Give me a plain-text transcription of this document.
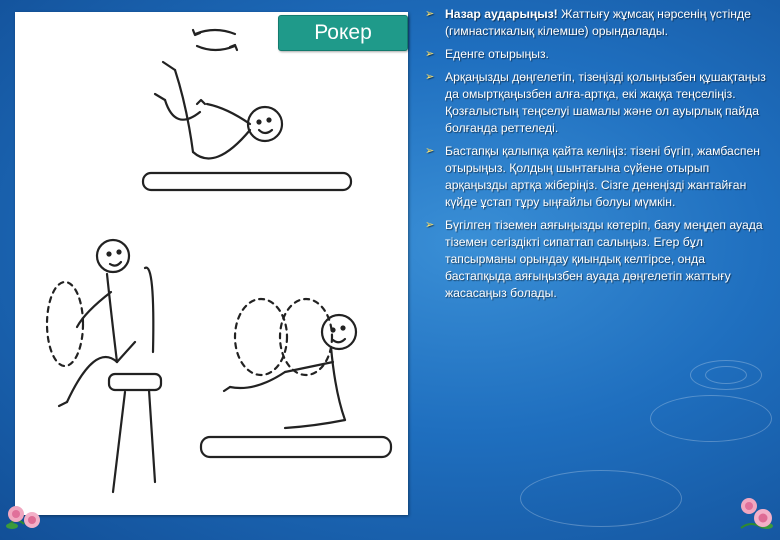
Рокер
➢ Назар аударыңыз! Жаттығу жұмсақ нәрсенің үстінде (гимнастикалық кілемше) орындалады.
➢ Еденге отырыңыз.
➢ Арқаңызды дөңгелетіп, тізеңізді қолыңызбен құшақтаңыз да омыртқаңызбен алға-артқа, екі жаққа теңселіңіз. Қозғалыстың теңселуі шамалы және ол ауырлық пайда болғанда реттеледі.
➢ Бастапқы қалыпқа қайта келіңіз: тізені бүгіп, жамбаспен отырыңыз. Қолдың шынтағына сүйене отырып арқаңызды артқа жіберіңіз. Сізге денеңізді жантайған күйде ұстап тұру ыңғайлы болуы мүмкін.
➢ Бүгілген тіземен аяғыңызды көтеріп, баяу меңдеп ауада тіземен сегіздікті сипаттап салыңыз. Егер бұл тапсырманы орындау қиындық келтірсе, онда бастапқыда аяғыңызбен ауада дөңгелетіп жаттығу жасасаңыз болады.
